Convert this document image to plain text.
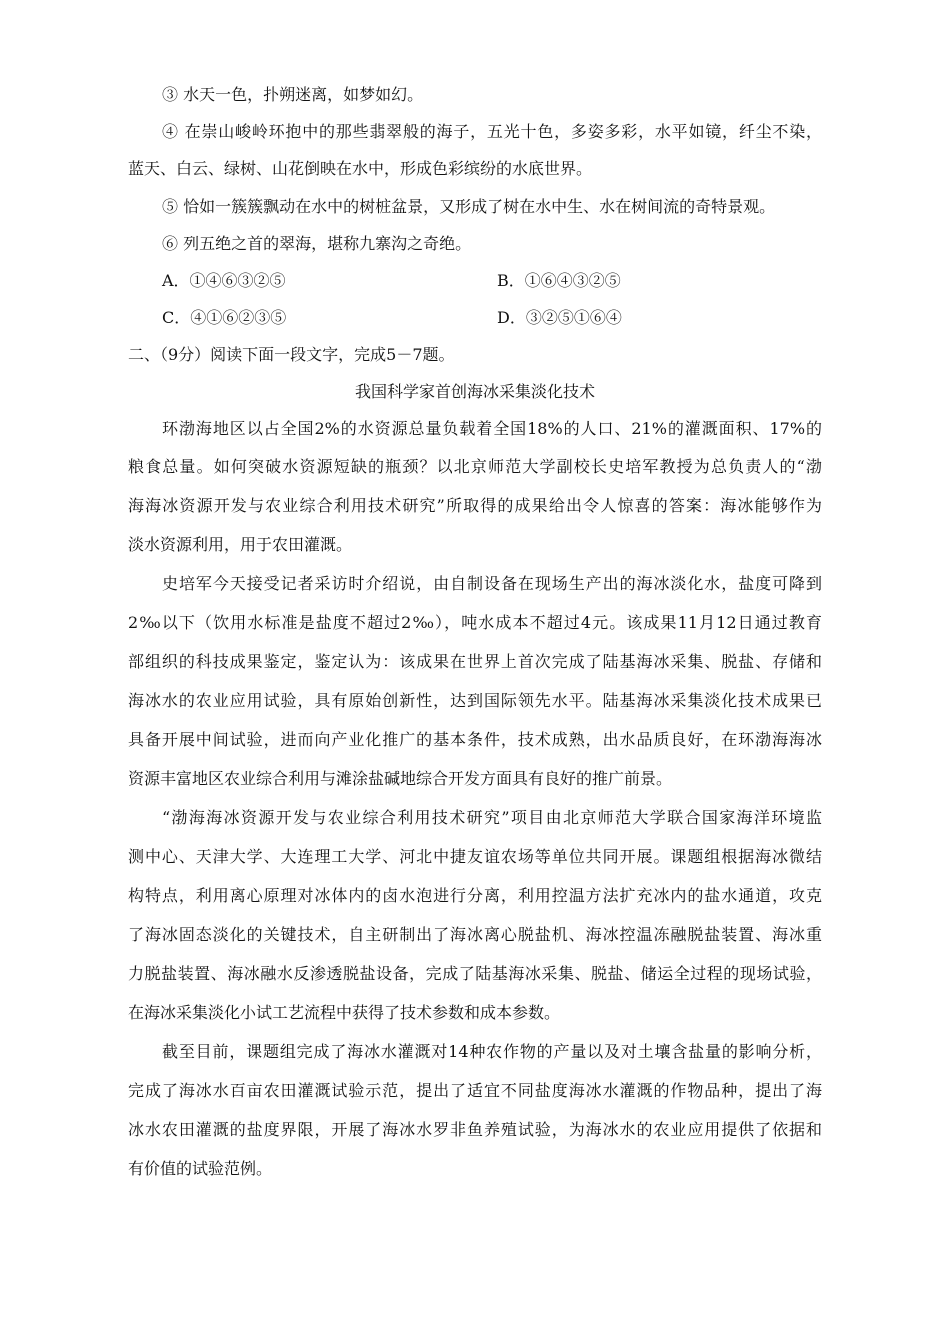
③ 水天一色，扑朔迷离，如梦如幻。
④ 在崇山峻岭环抱中的那些翡翠般的海子，五光十色，多姿多彩，水平如镜，纤尘不染，
蓝天、白云、绿树、山花倒映在水中，形成色彩缤纷的水底世界。
⑤ 恰如一簇簇飘动在水中的树桩盆景，又形成了树在水中生、水在树间流的奇特景观。
⑥ 列五绝之首的翠海，堪称九寨沟之奇绝。
A．①④⑥③②⑤	B．①⑥④③②⑤
C．④①⑥②③⑤	D．③②⑤①⑥④
二、（9分）阅读下面一段文字，完成5－7题。
我国科学家首创海冰采集淡化技术
环渤海地区以占全国2%的水资源总量负载着全国18%的人口、21%的灌溉面积、17%的
粮食总量。如何突破水资源短缺的瓶颈？以北京师范大学副校长史培军教授为总负责人的“渤
海海冰资源开发与农业综合利用技术研究”所取得的成果给出令人惊喜的答案：海冰能够作为
淡水资源利用，用于农田灌溉。
史培军今天接受记者采访时介绍说，由自制设备在现场生产出的海冰淡化水，盐度可降到
2‰以下（饮用水标准是盐度不超过2‰），吨水成本不超过4元。该成果11月12日通过教育
部组织的科技成果鉴定，鉴定认为：该成果在世界上首次完成了陆基海冰采集、脱盐、存储和
海冰水的农业应用试验，具有原始创新性，达到国际领先水平。陆基海冰采集淡化技术成果已
具备开展中间试验，进而向产业化推广的基本条件，技术成熟，出水品质良好，在环渤海海冰
资源丰富地区农业综合利用与滩涂盐碱地综合开发方面具有良好的推广前景。
“渤海海冰资源开发与农业综合利用技术研究”项目由北京师范大学联合国家海洋环境监
测中心、天津大学、大连理工大学、河北中捷友谊农场等单位共同开展。课题组根据海冰微结
构特点，利用离心原理对冰体内的卤水泡进行分离，利用控温方法扩充冰内的盐水通道，攻克
了海冰固态淡化的关键技术，自主研制出了海冰离心脱盐机、海冰控温冻融脱盐装置、海冰重
力脱盐装置、海冰融水反渗透脱盐设备，完成了陆基海冰采集、脱盐、储运全过程的现场试验，
在海冰采集淡化小试工艺流程中获得了技术参数和成本参数。
截至目前，课题组完成了海冰水灌溉对14种农作物的产量以及对土壤含盐量的影响分析，
完成了海冰水百亩农田灌溉试验示范，提出了适宜不同盐度海冰水灌溉的作物品种，提出了海
冰水农田灌溉的盐度界限，开展了海冰水罗非鱼养殖试验，为海冰水的农业应用提供了依据和
有价值的试验范例。
